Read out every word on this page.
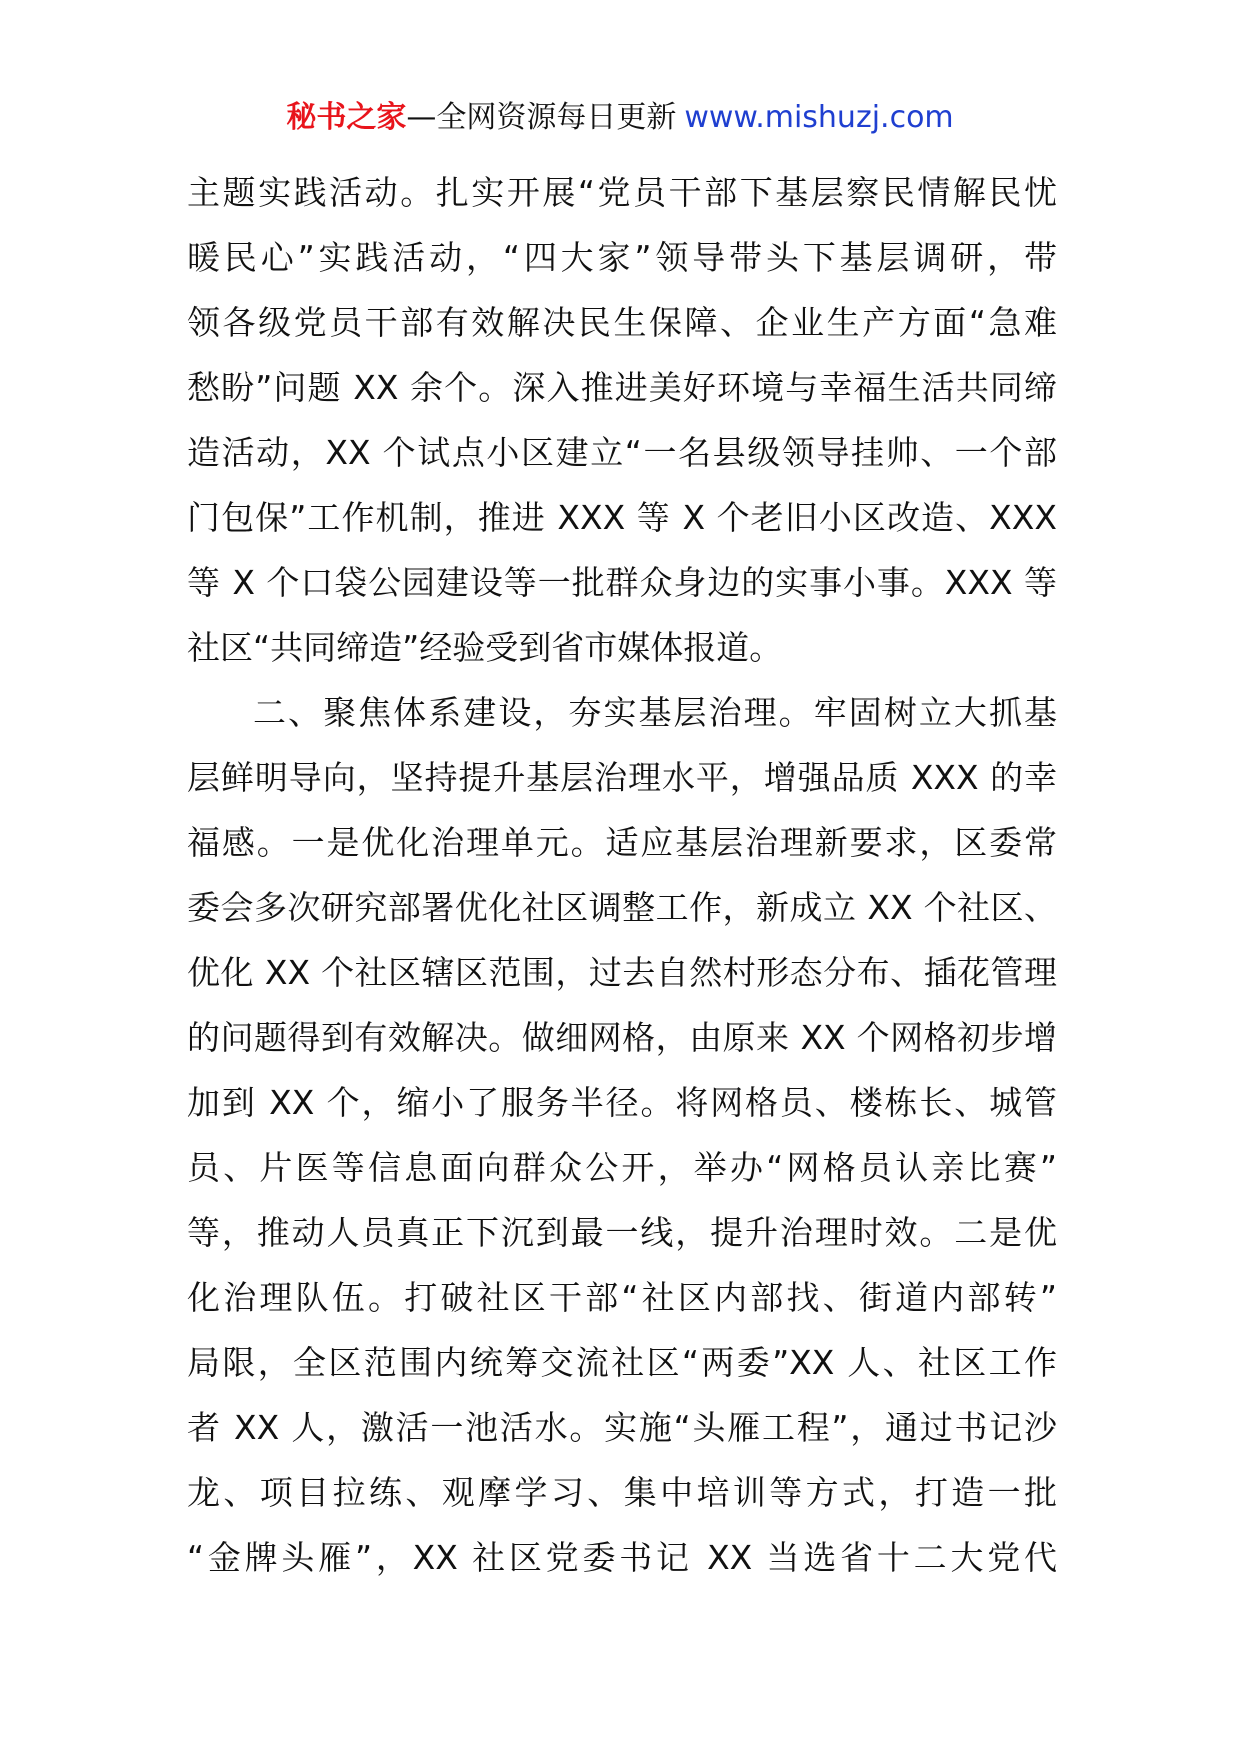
秘书之家—全网资源每日更新 www.mishuzj.com
主题实践活动。扎实开展“党员干部下基层察民情解民忧
暖民心”实践活动，“四大家”领导带头下基层调研，带
领各级党员干部有效解决民生保障、企业生产方面“急难
愁盼”问题 XX 余个。深入推进美好环境与幸福生活共同缔
造活动，XX 个试点小区建立“一名县级领导挂帅、一个部
门包保”工作机制，推进 XXX 等 X 个老旧小区改造、XXX
等 X 个口袋公园建设等一批群众身边的实事小事。XXX 等
社区“共同缔造”经验受到省市媒体报道。
二、聚焦体系建设，夯实基层治理。牢固树立大抓基
层鲜明导向，坚持提升基层治理水平，增强品质 XXX 的幸
福感。一是优化治理单元。适应基层治理新要求，区委常
委会多次研究部署优化社区调整工作，新成立 XX 个社区、
优化 XX 个社区辖区范围，过去自然村形态分布、插花管理
的问题得到有效解决。做细网格，由原来 XX 个网格初步增
加到 XX 个，缩小了服务半径。将网格员、楼栋长、城管
员、片医等信息面向群众公开，举办“网格员认亲比赛”
等，推动人员真正下沉到最一线，提升治理时效。二是优
化治理队伍。打破社区干部“社区内部找、街道内部转”
局限，全区范围内统筹交流社区“两委”XX 人、社区工作
者 XX 人，激活一池活水。实施“头雁工程”，通过书记沙
龙、项目拉练、观摩学习、集中培训等方式，打造一批
“金牌头雁”，XX 社区党委书记 XX 当选省十二大党代
